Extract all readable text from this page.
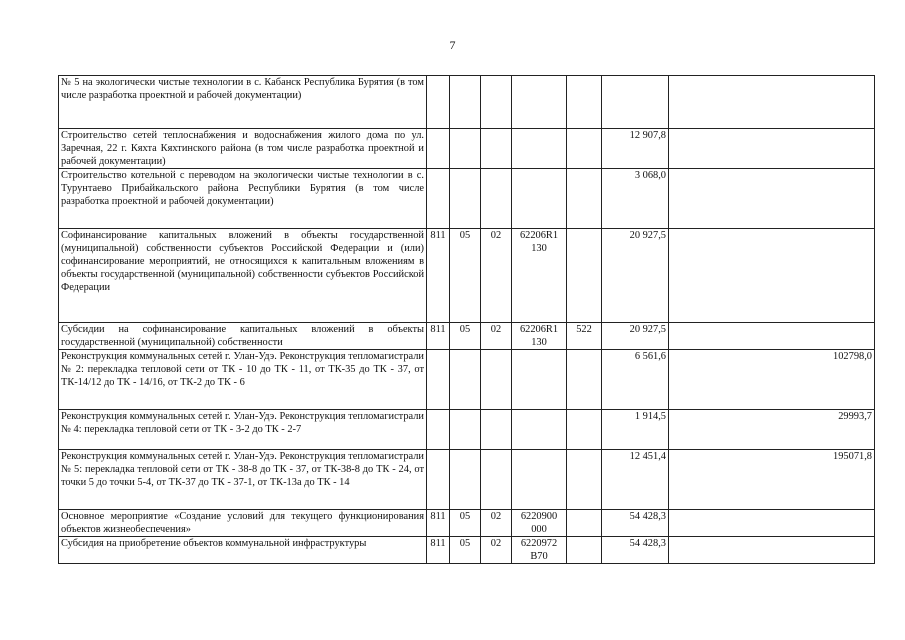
7
№ 5 на экологически чистые технологии в с. Кабанск Республика Бурятия (в том числе разработка проектной и рабочей документации)							
Строительство сетей теплоснабжения и водоснабжения жилого дома по ул. Заречная, 22 г. Кяхта Кяхтинского района (в том числе разработка проектной и рабочей документации)						12 907,8	
Строительство котельной с переводом на экологически чистые технологии в с. Турунтаево Прибайкальского района Республики Бурятия (в том числе разработка проектной и рабочей документации)						3 068,0	
Софинансирование капитальных вложений в объекты государственной (муниципальной) собственности субъектов Российской Федерации и (или) софинансирование мероприятий, не относящихся к капитальным вложениям в объекты государственной (муниципальной) собственности субъектов Российской Федерации	811	05	02	62206R1 130		20 927,5	
Субсидии на софинансирование капитальных вложений в объекты государственной (муниципальной) собственности	811	05	02	62206R1 130	522	20 927,5	
Реконструкция коммунальных сетей г. Улан-Удэ. Реконструкция тепломагистрали № 2: перекладка тепловой сети от ТК - 10 до ТК - 11, от ТК-35 до ТК - 37, от ТК-14/12 до ТК - 14/16, от ТК-2 до ТК - 6						6 561,6	102798,0
Реконструкция коммунальных сетей г. Улан-Удэ. Реконструкция тепломагистрали № 4: перекладка тепловой сети от ТК - 3-2 до ТК - 2-7						1 914,5	29993,7
Реконструкция коммунальных сетей г. Улан-Удэ. Реконструкция тепломагистрали № 5: перекладка тепловой сети от ТК - 38-8 до ТК - 37, от ТК-38-8 до ТК - 24, от точки 5 до точки 5-4, от ТК-37 до ТК - 37-1, от ТК-13а до ТК - 14						12 451,4	195071,8
Основное мероприятие «Создание условий для текущего функционирования объектов жизнеобеспечения»	811	05	02	6220900 000		54 428,3	
Субсидия на приобретение объектов коммунальной инфраструктуры	811	05	02	6220972 В70		54 428,3	
